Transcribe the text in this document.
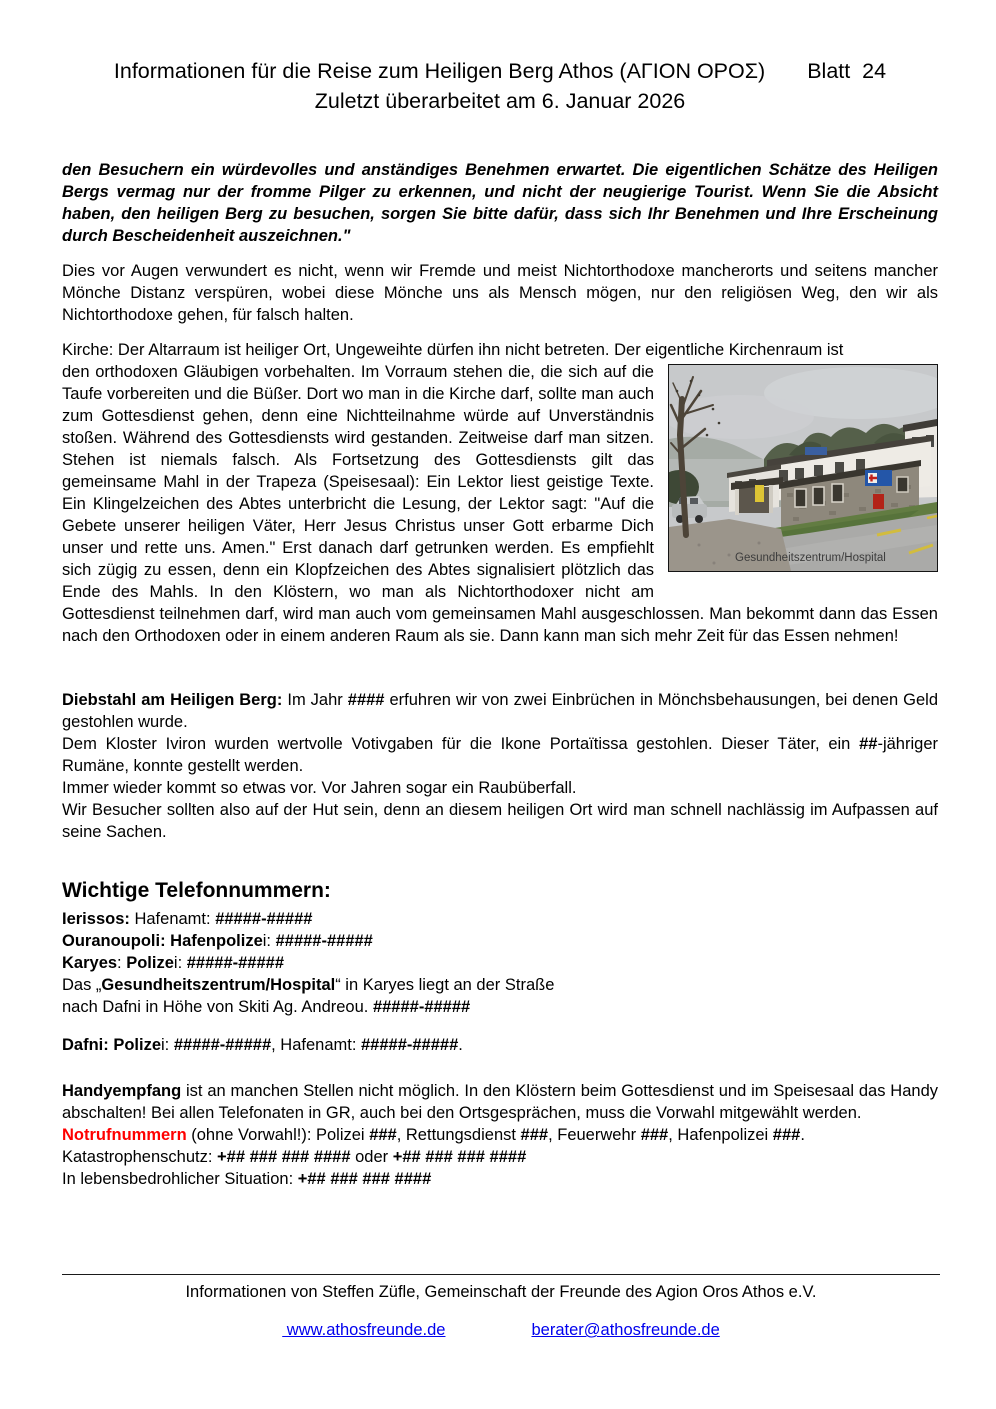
Informationen für die Reise zum Heiligen Berg Athos (ΑΓΙΟΝ ΟΡΟΣ) Blatt  24
Zuletzt überarbeitet am 6. Januar 2026

den Besuchern ein würdevolles und anständiges Benehmen erwartet. Die eigentlichen Schätze des Heiligen Bergs vermag nur der fromme Pilger zu erkennen, und nicht der neugierige Tourist. Wenn Sie die Absicht haben, den heiligen Berg zu besuchen, sorgen Sie bitte dafür, dass sich Ihr Benehmen und Ihre Erscheinung durch Bescheidenheit auszeichnen."

Dies vor Augen verwundert es nicht, wenn wir Fremde und meist Nichtorthodoxe mancherorts und seitens mancher Mönche Distanz verspüren, wobei diese Mönche uns als Mensch mögen, nur den religiösen Weg, den wir als Nichtorthodoxe gehen, für falsch halten.

Kirche: Der Altarraum ist heiliger Ort, Ungeweihte dürfen ihn nicht betreten. Der eigentliche Kirchenraum ist

Gesundheitszentrum/Hospital
den orthodoxen Gläubigen vorbehalten. Im Vorraum stehen die, die sich auf die Taufe vorbereiten und die Büßer. Dort wo man in die Kirche darf, sollte man auch zum Gottesdienst gehen, denn eine Nichtteilnahme würde auf Unverständnis stoßen. Während des Gottesdiensts wird gestanden. Zeitweise darf man sitzen. Stehen ist niemals falsch. Als Fortsetzung des Gottesdiensts gilt das gemeinsame Mahl in der Trapeza (Speisesaal): Ein Lektor liest geistige Texte. Ein Klingelzeichen des Abtes unterbricht die Lesung, der Lektor sagt: "Auf die Gebete unserer heiligen Väter, Herr Jesus Christus unser Gott erbarme Dich unser und rette uns. Amen." Erst danach darf getrunken werden. Es empfiehlt sich zügig zu essen, denn ein Klopfzeichen des Abtes signalisiert plötzlich das Ende des Mahls. In den Klöstern, wo man als Nichtorthodoxer nicht am Gottesdienst teilnehmen darf, wird man auch vom gemeinsamen Mahl ausgeschlossen. Man bekommt dann das Essen nach den Orthodoxen oder in einem anderen Raum als sie. Dann kann man sich mehr Zeit für das Essen nehmen!

Diebstahl am Heiligen Berg: Im Jahr #### erfuhren wir von zwei Einbrüchen in Mönchsbehausungen, bei denen Geld gestohlen wurde.

Dem Kloster Iviron wurden wertvolle Votivgaben für die Ikone Portaïtissa gestohlen. Dieser Täter, ein ##-jähriger Rumäne, konnte gestellt werden.

Immer wieder kommt so etwas vor. Vor Jahren sogar ein Raubüberfall.

Wir Besucher sollten also auf der Hut sein, denn an diesem heiligen Ort wird man schnell nachlässig im Aufpassen auf seine Sachen.

Wichtige Telefonnummern:

Ierissos: Hafenamt: #####-#####

Ouranoupoli: Hafenpolizei: #####-#####

Karyes: Polizei: #####-#####

Das „Gesundheitszentrum/Hospital“ in Karyes liegt an der Straße

nach Dafni in Höhe von Skiti Ag. Andreou. #####-#####

Dafni: Polizei: #####-#####, Hafenamt: #####-#####.

Handyempfang ist an manchen Stellen nicht möglich. In den Klöstern beim Gottesdienst und im Speisesaal das Handy abschalten! Bei allen Telefonaten in GR, auch bei den Ortsgesprächen, muss die Vorwahl mitgewählt werden.

Notrufnummern (ohne Vorwahl!): Polizei ###, Rettungsdienst ###, Feuerwehr ###, Hafenpolizei ###.

Katastrophenschutz: +## ### ### #### oder +## ### ### ####

In lebensbedrohlicher Situation: +## ### ### ####

Informationen von Steffen Züfle, Gemeinschaft der Freunde des Agion Oros Athos e.V.
www.athosfreunde.de	berater@athosfreunde.de
